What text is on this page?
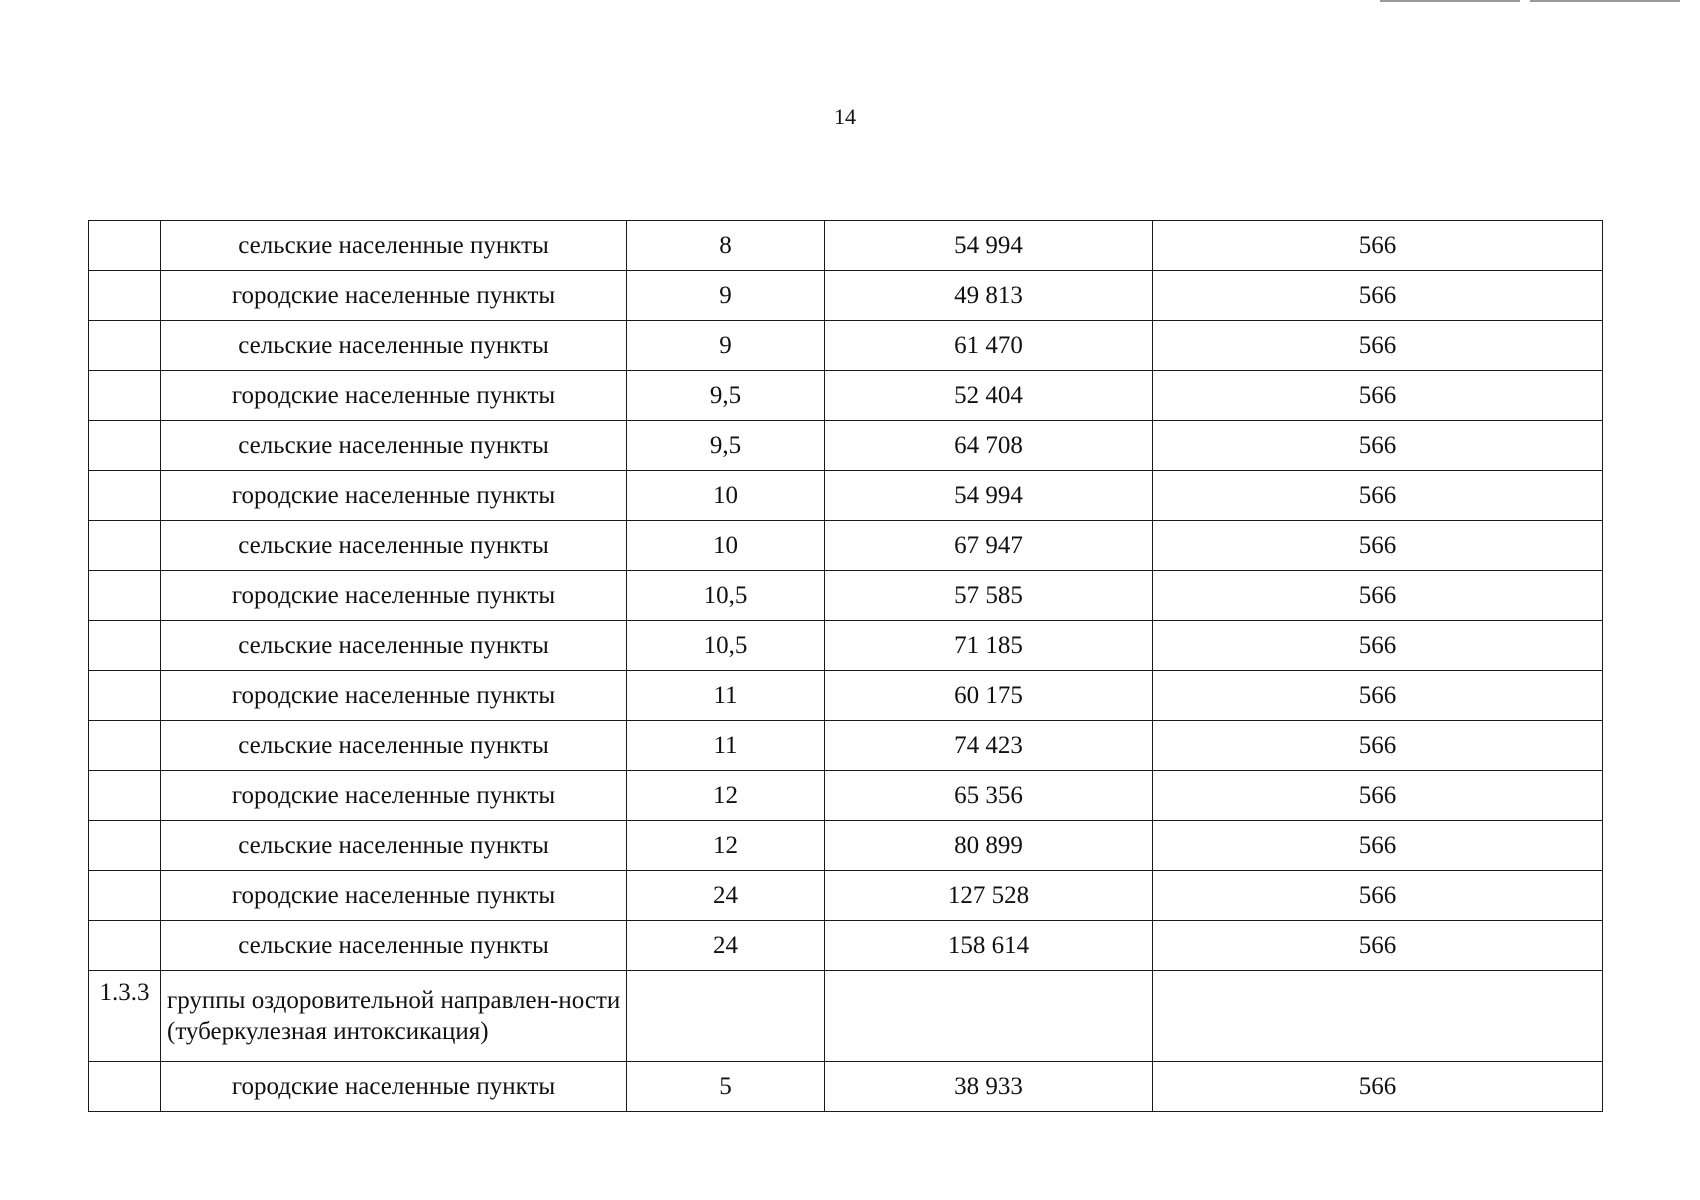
14
	сельские населенные пункты	8	54 994	566
	городские населенные пункты	9	49 813	566
	сельские населенные пункты	9	61 470	566
	городские населенные пункты	9,5	52 404	566
	сельские населенные пункты	9,5	64 708	566
	городские населенные пункты	10	54 994	566
	сельские населенные пункты	10	67 947	566
	городские населенные пункты	10,5	57 585	566
	сельские населенные пункты	10,5	71 185	566
	городские населенные пункты	11	60 175	566
	сельские населенные пункты	11	74 423	566
	городские населенные пункты	12	65 356	566
	сельские населенные пункты	12	80 899	566
	городские населенные пункты	24	127 528	566
	сельские населенные пункты	24	158 614	566
1.3.3	группы оздоровительной направлен-ности (туберкулезная интоксикация)			
	городские населенные пункты	5	38 933	566
